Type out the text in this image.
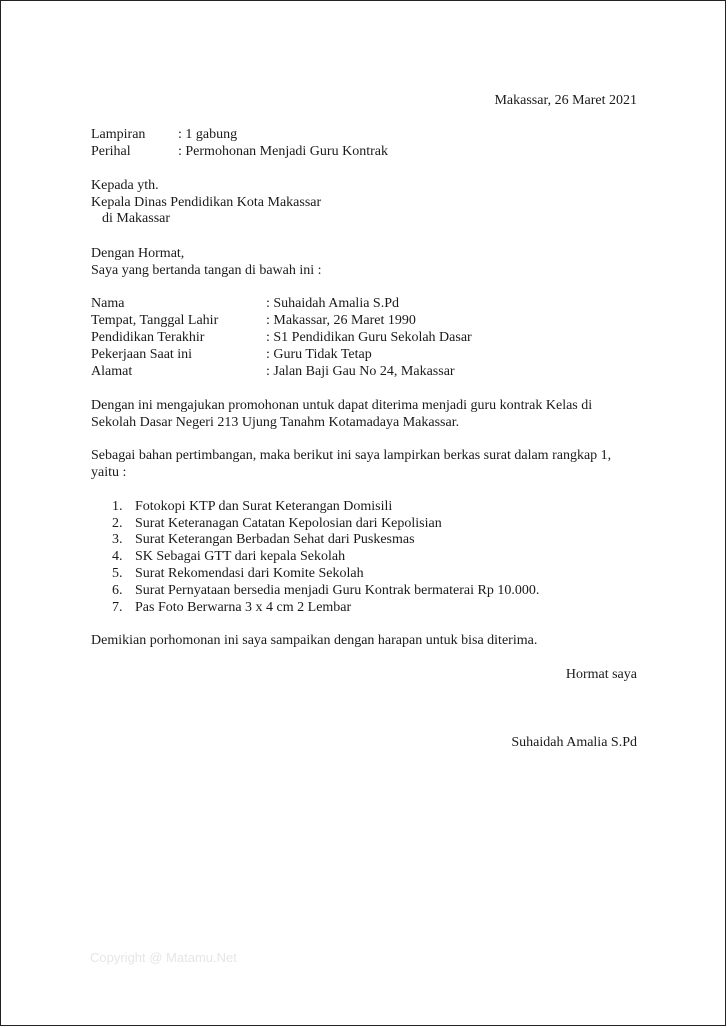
Makassar, 26 Maret 2021
Lampiran : 1 gabung
Perihal	: Permohonan Menjadi Guru Kontrak
Kepada yth.
Kepala Dinas Pendidikan Kota Makassar
di Makassar
Dengan Hormat,
Saya yang bertanda tangan di bawah ini :
Nama	: Suhaidah Amalia S.Pd
Tempat, Tanggal Lahir	: Makassar, 26 Maret 1990
Pendidikan Terakhir	: S1 Pendidikan Guru Sekolah Dasar
Pekerjaan Saat ini	: Guru Tidak Tetap
Alamat	: Jalan Baji Gau No 24, Makassar
Dengan ini mengajukan promohonan untuk dapat diterima menjadi guru kontrak Kelas di
Sekolah Dasar Negeri 213 Ujung Tanahm Kotamadaya Makassar.
Sebagai bahan pertimbangan, maka berikut ini saya lampirkan berkas surat dalam rangkap 1,
yaitu :
1. Fotokopi KTP dan Surat Keterangan Domisili
2. Surat Keteranagan Catatan Kepolosian dari Kepolisian
3. Surat Keterangan Berbadan Sehat dari Puskesmas
4. SK Sebagai GTT dari kepala Sekolah
5. Surat Rekomendasi dari Komite Sekolah
6. Surat Pernyataan bersedia menjadi Guru Kontrak bermaterai Rp 10.000.
7. Pas Foto Berwarna 3 x 4 cm 2 Lembar
Demikian porhomonan ini saya sampaikan dengan harapan untuk bisa diterima.
Hormat saya
Suhaidah Amalia S.Pd
Copyright @ Matamu.Net
